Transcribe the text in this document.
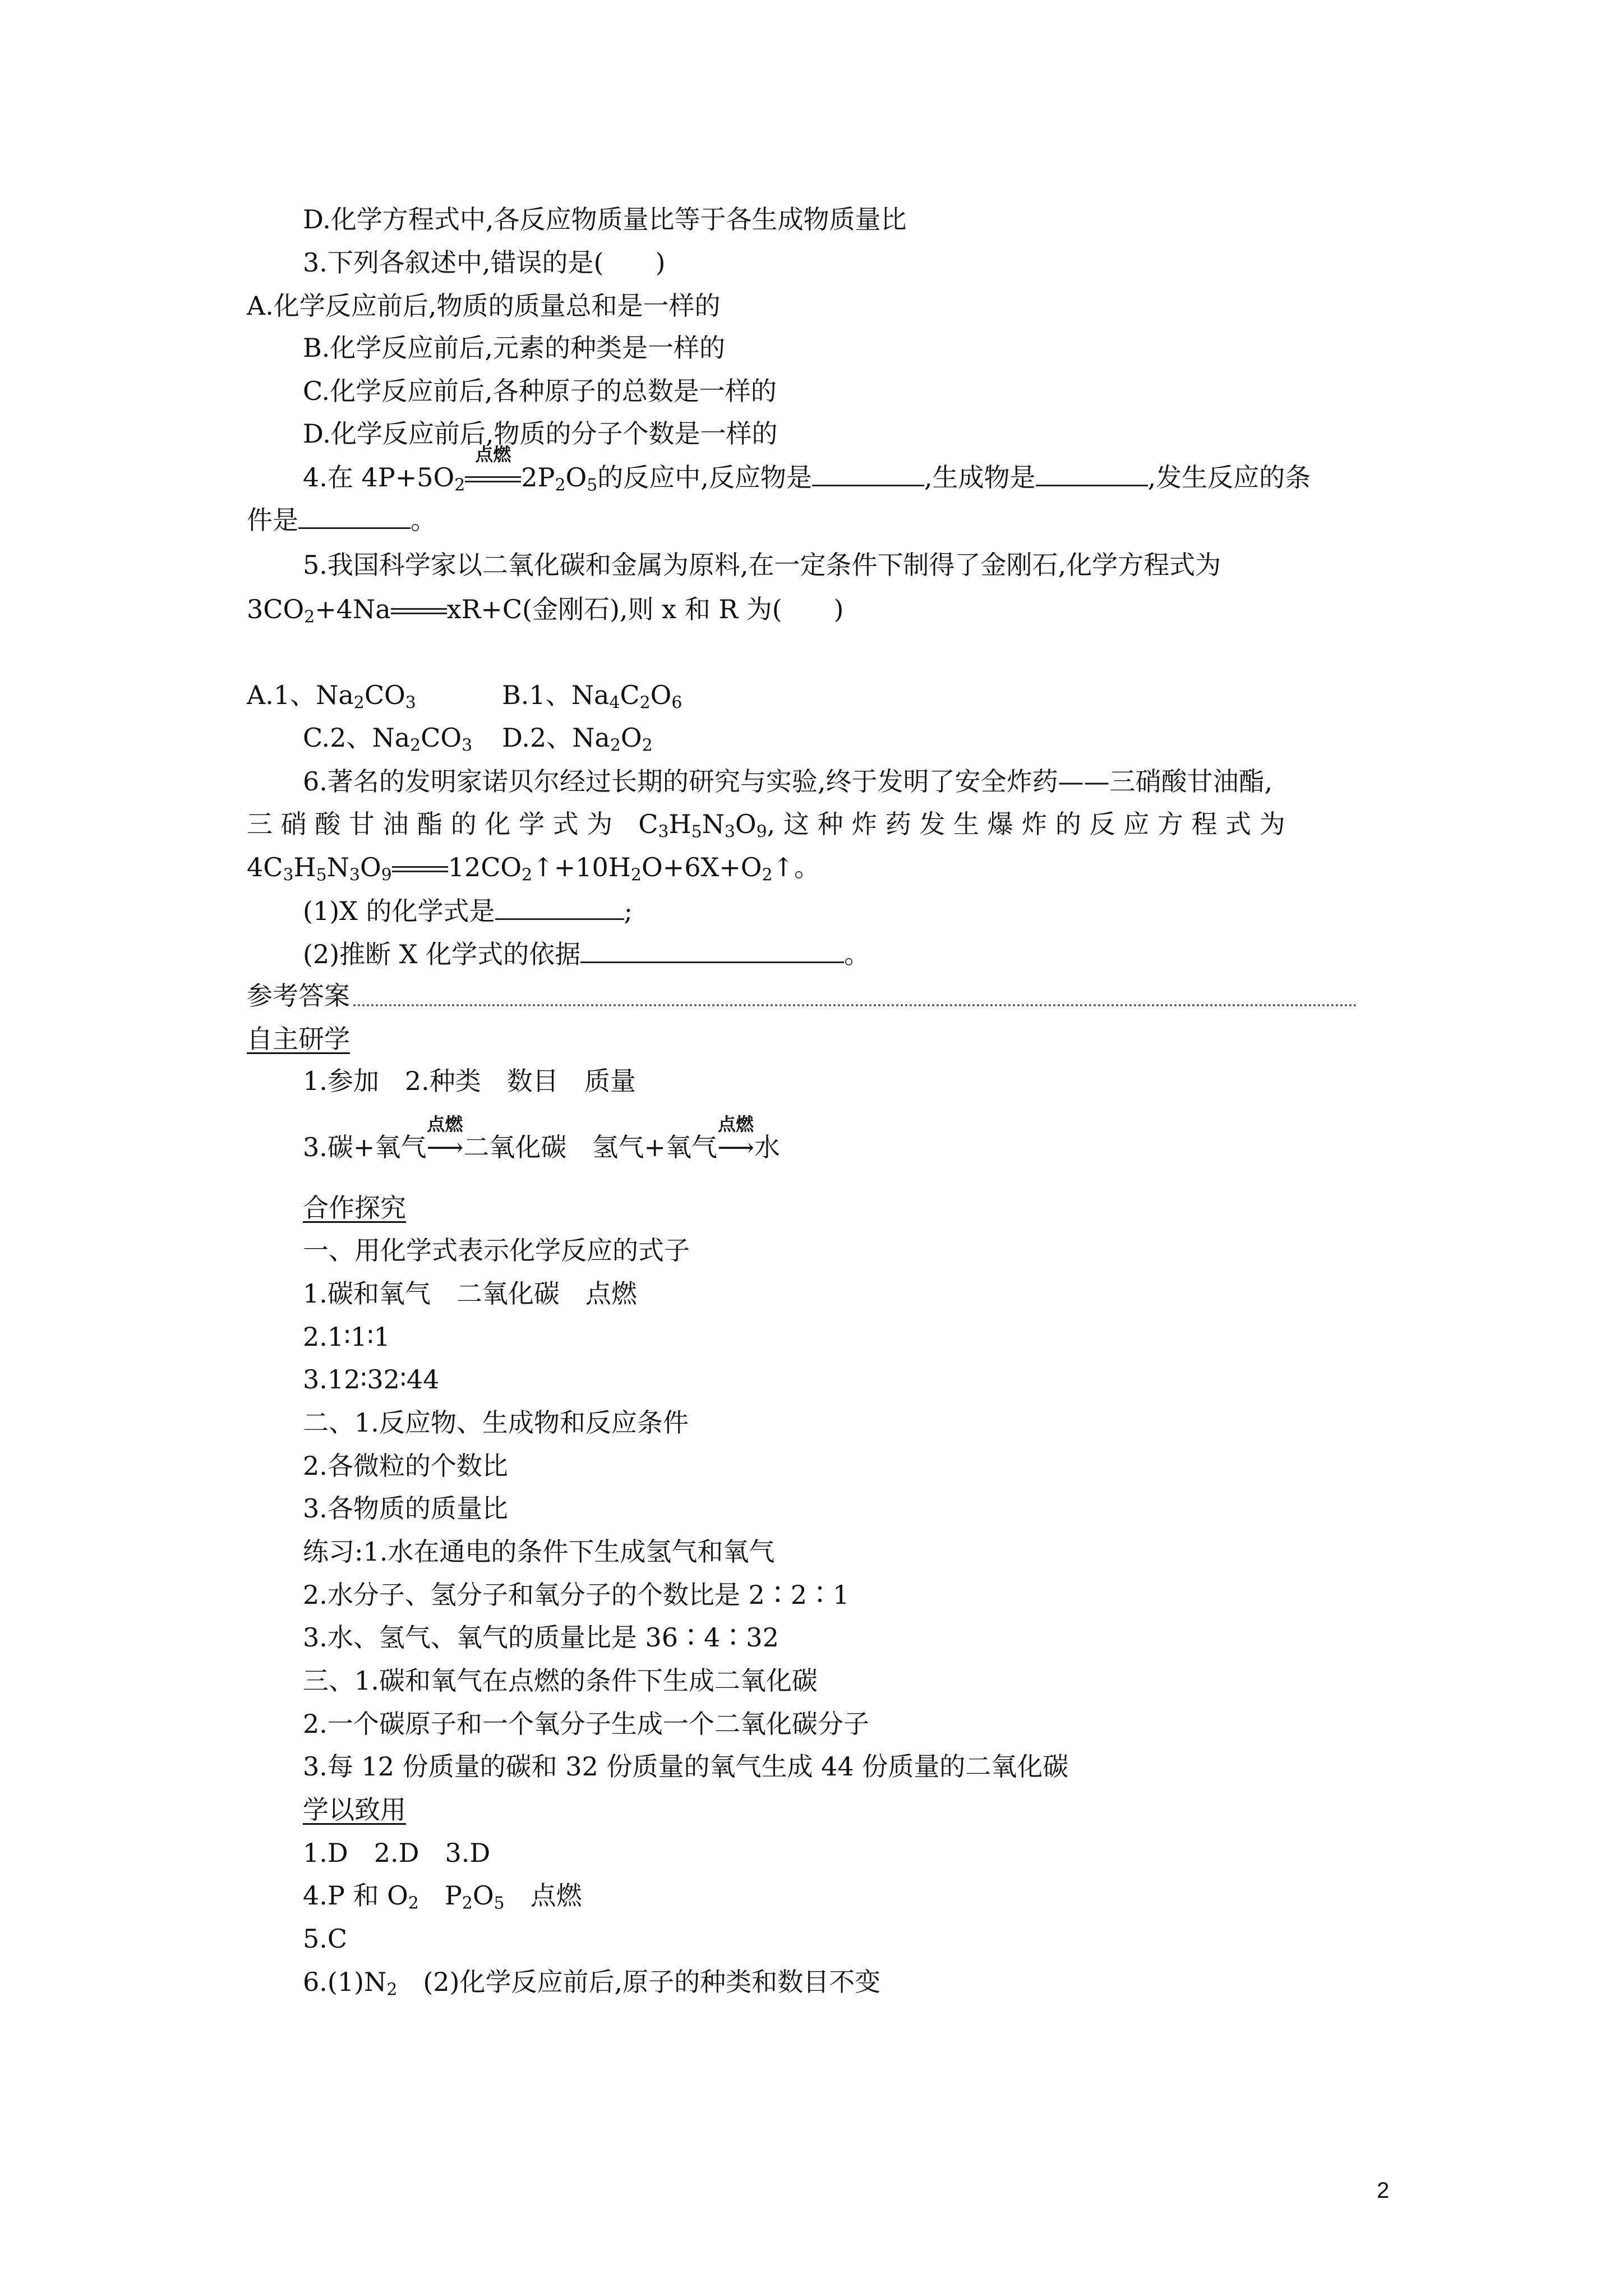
D.化学方程式中,各反应物质量比等于各生成物质量比
3.下列各叙述中,错误的是(　　)
A.化学反应前后,物质的质量总和是一样的
B.化学反应前后,元素的种类是一样的
C.化学反应前后,各种原子的总数是一样的
D.化学反应前后,物质的分子个数是一样的
4.在 $4P+5O_2$
点燃
$2P_2O_5$的反应中,反应物是	,生成物是	,发生反应的条
件是	。
5.我国科学家以二氧化碳和金属为原料,在一定条件下制得了金刚石,化学方程式为
$3CO_2+4Na$ xR+C(金刚石),则 x 和 R 为(　　)
A.1、$Na_2CO_3$	B.1、$Na_4C_2O_6$
C.2、$Na_2CO_3$ D.2、$Na_2O_2$
6.著名的发明家诺贝尔经过长期的研究与实验,终于发明了安全炸药——三硝酸甘油酯,
三 硝 酸 甘 油 酯 的 化 学 式 为　$C_3H_5N_3O_9$, 这 种 炸 药 发 生 爆 炸 的 反 应 方 程 式 为
$4C_3H_5N_3O_9$ $12CO_2↑+10H_2O+6X+O_2↑$。
(1)X 的化学式是	;
(2)推断 X 化学式的依据	。
参考答案
自主研学
1.参加　2.种类　数目　质量
3.碳+氧气
点燃
⟶二氧化碳　氢气+氧气
点燃
⟶水
合作探究
一、用化学式表示化学反应的式子
1.碳和氧气　二氧化碳　点燃
2.1∶1∶1
3.12∶32∶44
二、1.反应物、生成物和反应条件
2.各微粒的个数比
3.各物质的质量比
练习:1.水在通电的条件下生成氢气和氧气
2.水分子、氢分子和氧分子的个数比是 2∶2∶1
3.水、氢气、氧气的质量比是 36∶4∶32
三、1.碳和氧气在点燃的条件下生成二氧化碳
2.一个碳原子和一个氧分子生成一个二氧化碳分子
3.每 12 份质量的碳和 32 份质量的氧气生成 44 份质量的二氧化碳
学以致用
1.D　2.D　3.D
4.P 和 $O_2$　$P_2O_5$　点燃
5.C
$6.(1)N_2$　(2)化学反应前后,原子的种类和数目不变
2
